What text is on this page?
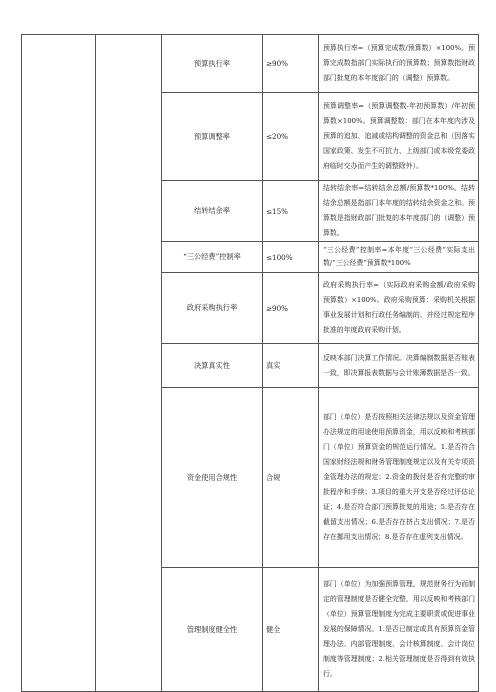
		预算执行率	≥90%	预算执行率=（预算完成数/预算数）×100%。预算完成数指部门实际执行的预算数；预算数指财政部门批复的本年度部门的（调整）预算数。
		预算调整率	≤20%	预算调整率=（预算调整数-年初预算数）/年初预算数×100%。预算调整数：部门在本年度内涉及预算的追加、追减或结构调整的资金总和（因落实国家政策、发生不可抗力、上级部门或本级党委政府临时交办而产生的调整除外）。
		结转结余率	≤15%	结转结余率=结转结余总额/预算数*100%。结转结余总额是指部门本年度的结转结余资金之和。预算数是指财政部门批复的本年度部门的（调整）预算数。
		“三公经费”控制率	≤100%	“三公经费”控制率=本年度“三公经费”实际支出数/“三公经费”预算数*100%
		政府采购执行率	≥90%	政府采购执行率=（实际政府采购金额/政府采购预算数）×100%。政府采购预算：采购机关根据事业发展计划和行政任务编制的、并经过规定程序批准的年度政府采购计划。
		决算真实性	真实	反映本部门决算工作情况。决算编制数据是否账表一致，即决算报表数据与会计账簿数据是否一致。
		资金使用合规性	合规	部门（单位）是否按照相关法律法规以及资金管理办法规定的用途使用预算资金，用以反映和考核部门（单位）预算资金的规范运行情况。1.是否符合国家财经法规和财务管理制度规定以及有关专项资金管理办法的规定；2.资金的拨付是否有完整的审批程序和手续；3.项目的重大开支是否经过评估论证；4.是否符合部门预算批复的用途；5.是否存在截留支出情况；6.是否存在挤占支出情况；7.是否存在挪用支出情况；8.是否存在虚列支出情况。
		管理制度健全性	健全	部门（单位）为加强预算管理，规范财务行为而制定的管理制度是否健全完整，用以反映和考核部门（单位）预算管理制度为完成主要职责或促进事业发展的保障情况。1.是否已制定或具有预算资金管理办法、内部管理制度、会计核算制度、会计岗位制度等管理制度；2.相关管理制度是否得到有效执行。
